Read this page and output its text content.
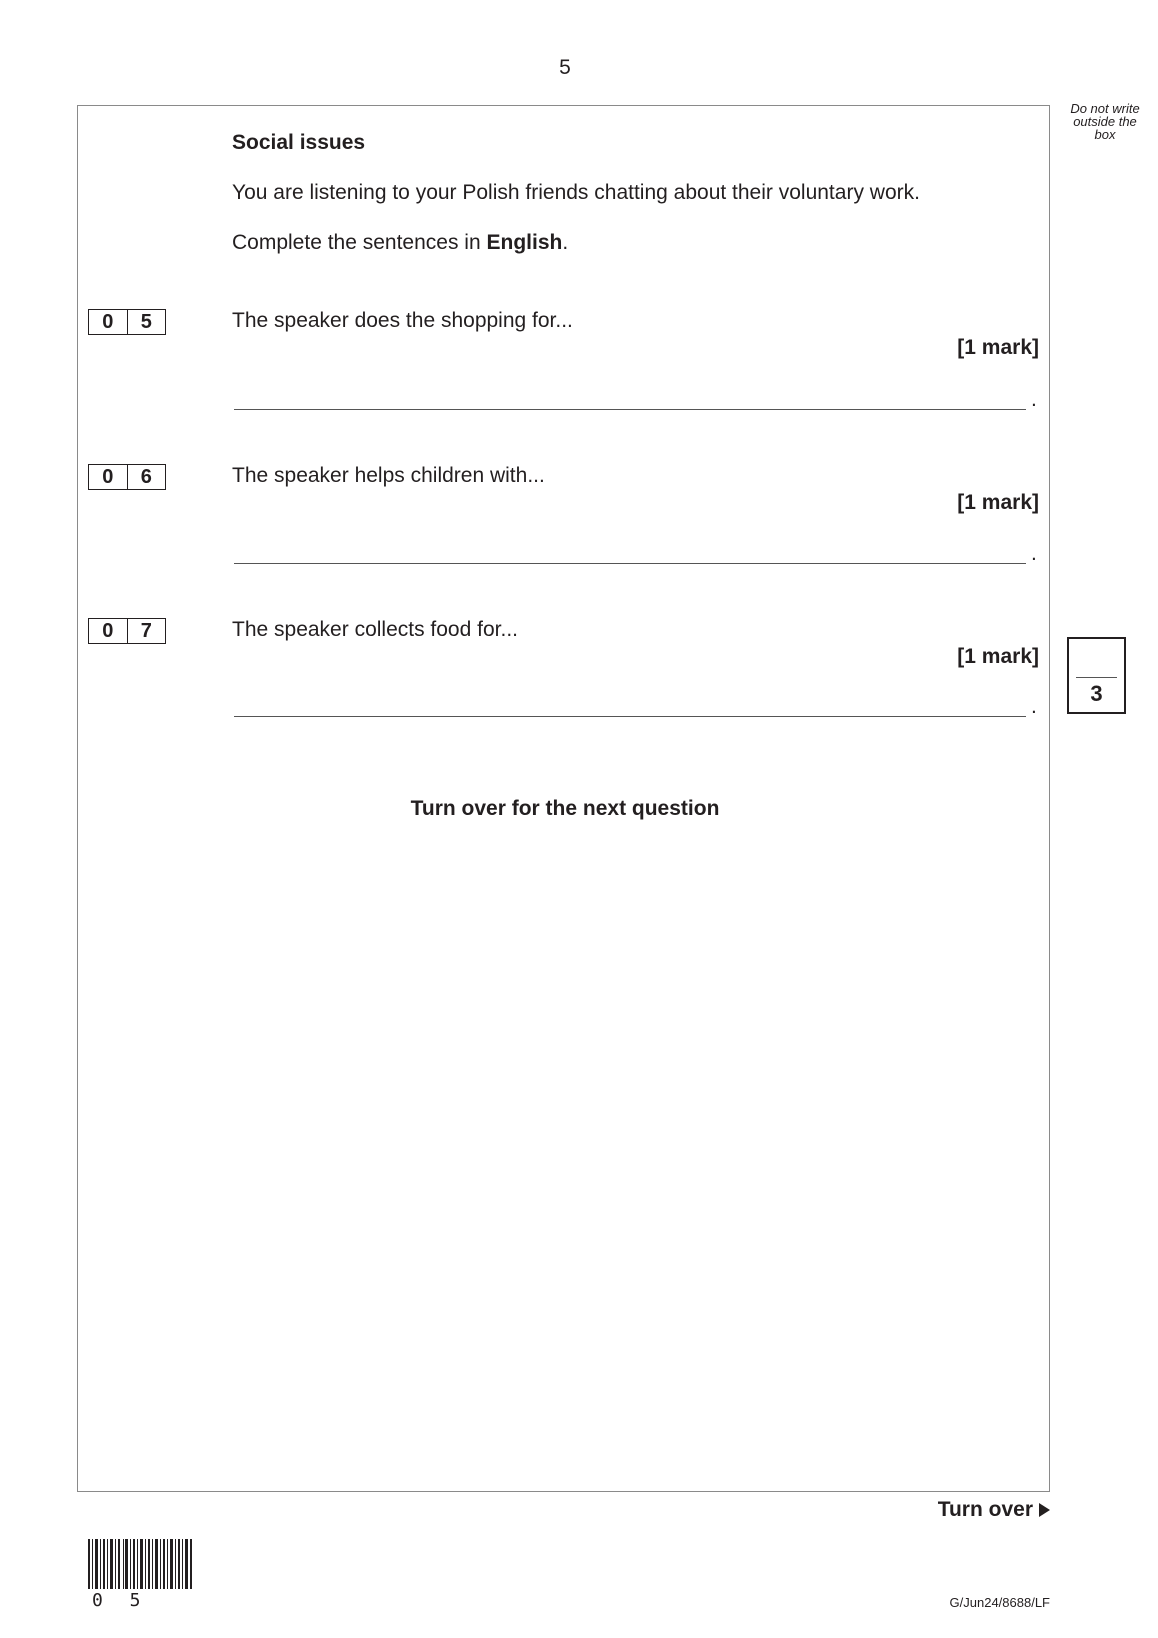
5
Do not write outside the box
Social issues
You are listening to your Polish friends chatting about their voluntary work.
Complete the sentences in English.
0	5	The speaker does the shopping for...
[1 mark]
.
0	6	The speaker helps children with...
[1 mark]
.
0	7	The speaker collects food for...
[1 mark]
.
3
Turn over for the next question
Turn over
0 5	G/Jun24/8688/LF
